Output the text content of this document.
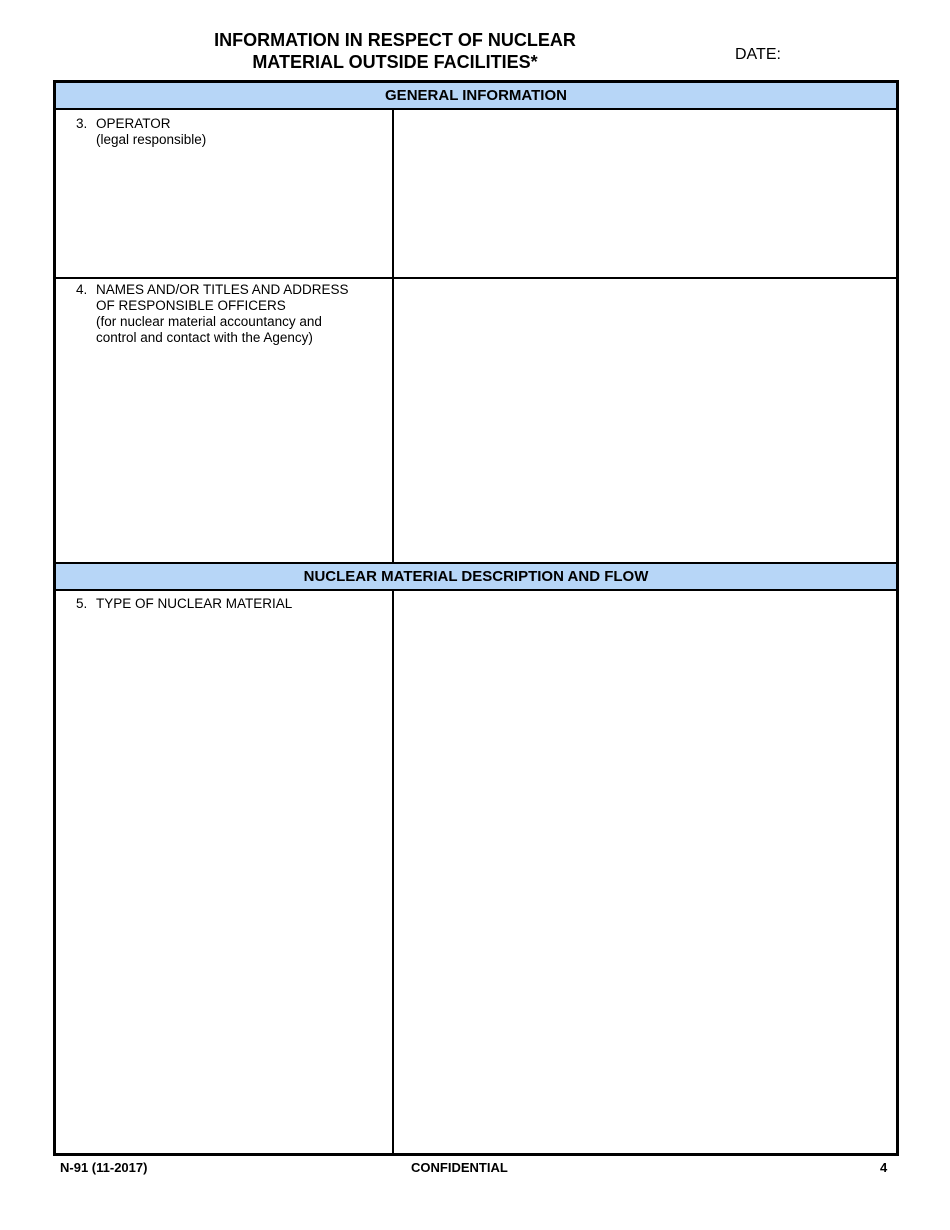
INFORMATION IN RESPECT OF NUCLEAR
MATERIAL OUTSIDE FACILITIES*	DATE:
GENERAL INFORMATION
3. OPERATOR
(legal responsible)
4. NAMES AND/OR TITLES AND ADDRESS
OF RESPONSIBLE OFFICERS
(for nuclear material accountancy and
control and contact with the Agency)
NUCLEAR MATERIAL DESCRIPTION AND FLOW
5. TYPE OF NUCLEAR MATERIAL
N-91 (11-2017)	CONFIDENTIAL	4
